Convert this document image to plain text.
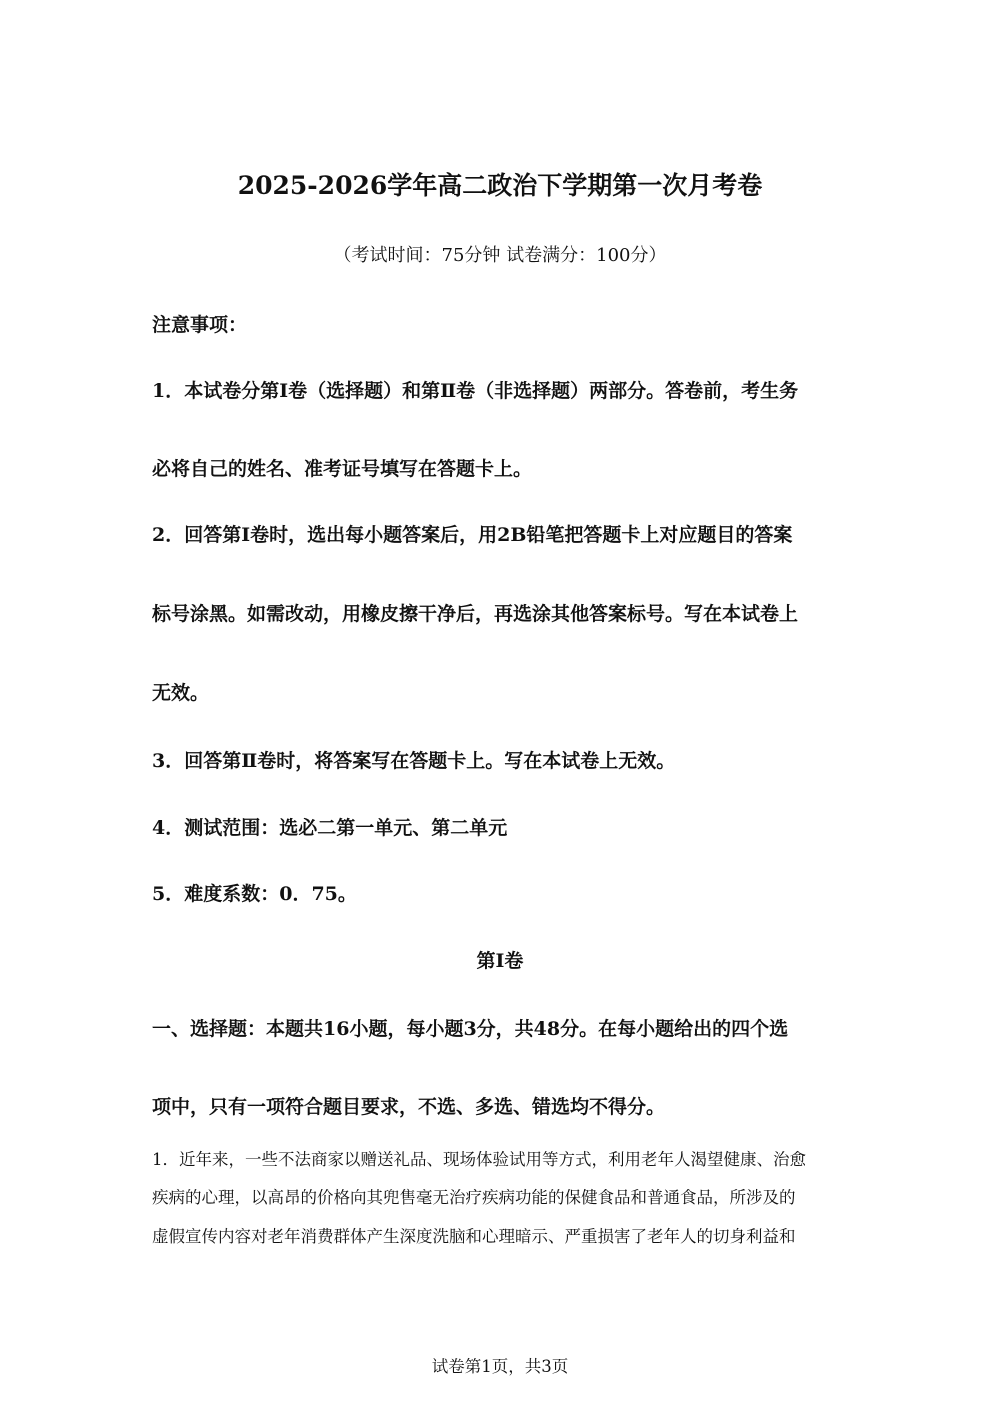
2025-2026学年高二政治下学期第一次月考卷
（考试时间：75分钟 试卷满分：100分）
注意事项：
1．本试卷分第Ⅰ卷（选择题）和第Ⅱ卷（非选择题）两部分。答卷前，考生务
必将自己的姓名、准考证号填写在答题卡上。
2．回答第Ⅰ卷时，选出每小题答案后，用2B铅笔把答题卡上对应题目的答案
标号涂黑。如需改动，用橡皮擦干净后，再选涂其他答案标号。写在本试卷上
无效。
3．回答第Ⅱ卷时，将答案写在答题卡上。写在本试卷上无效。
4．测试范围：选必二第一单元、第二单元
5．难度系数：0．75。
第Ⅰ卷
一、选择题：本题共16小题，每小题3分，共48分。在每小题给出的四个选
项中，只有一项符合题目要求，不选、多选、错选均不得分。
1．近年来，一些不法商家以赠送礼品、现场体验试用等方式，利用老年人渴望健康、治愈
疾病的心理，以高昂的价格向其兜售毫无治疗疾病功能的保健食品和普通食品，所涉及的
虚假宣传内容对老年消费群体产生深度洗脑和心理暗示、严重损害了老年人的切身利益和
试卷第1页，共3页
